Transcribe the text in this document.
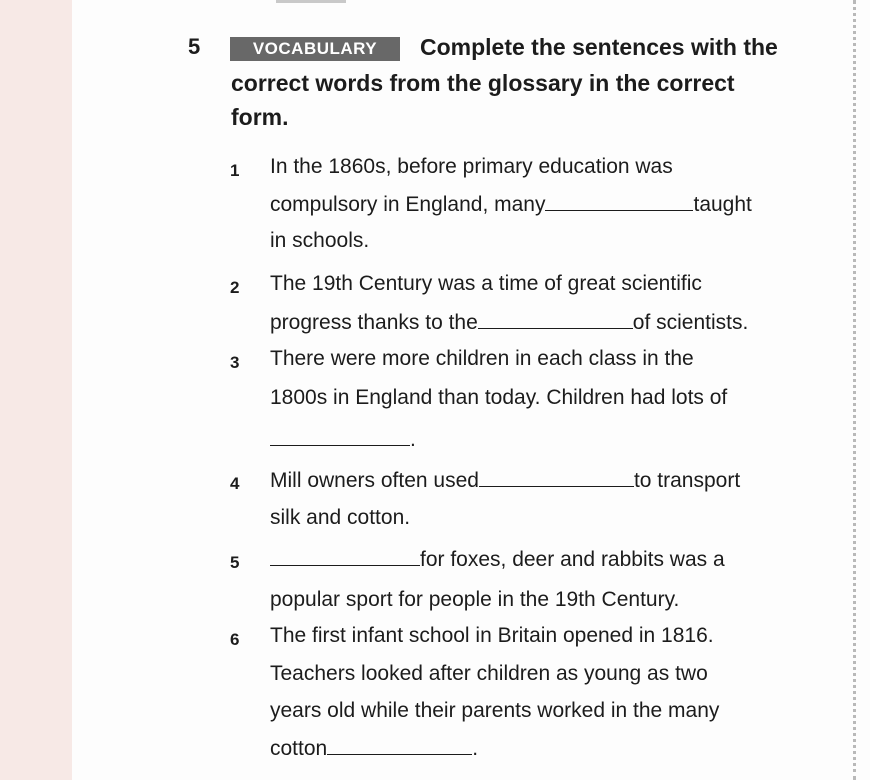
5	VOCABULARY	Complete the sentences with the
correct words from the glossary in the correct
form.
1 In the 1860s, before primary education was
compulsory in England, many	taught
in schools.
2 The 19th Century was a time of great scientific
progress thanks to the	of scientists.
3 There were more children in each class in the
1800s in England than today. Children had lots of
.
4 Mill owners often used	to transport
silk and cotton.
5	for foxes, deer and rabbits was a
popular sport for people in the 19th Century.
6 The first infant school in Britain opened in 1816.
Teachers looked after children as young as two
years old while their parents worked in the many
cotton	.
